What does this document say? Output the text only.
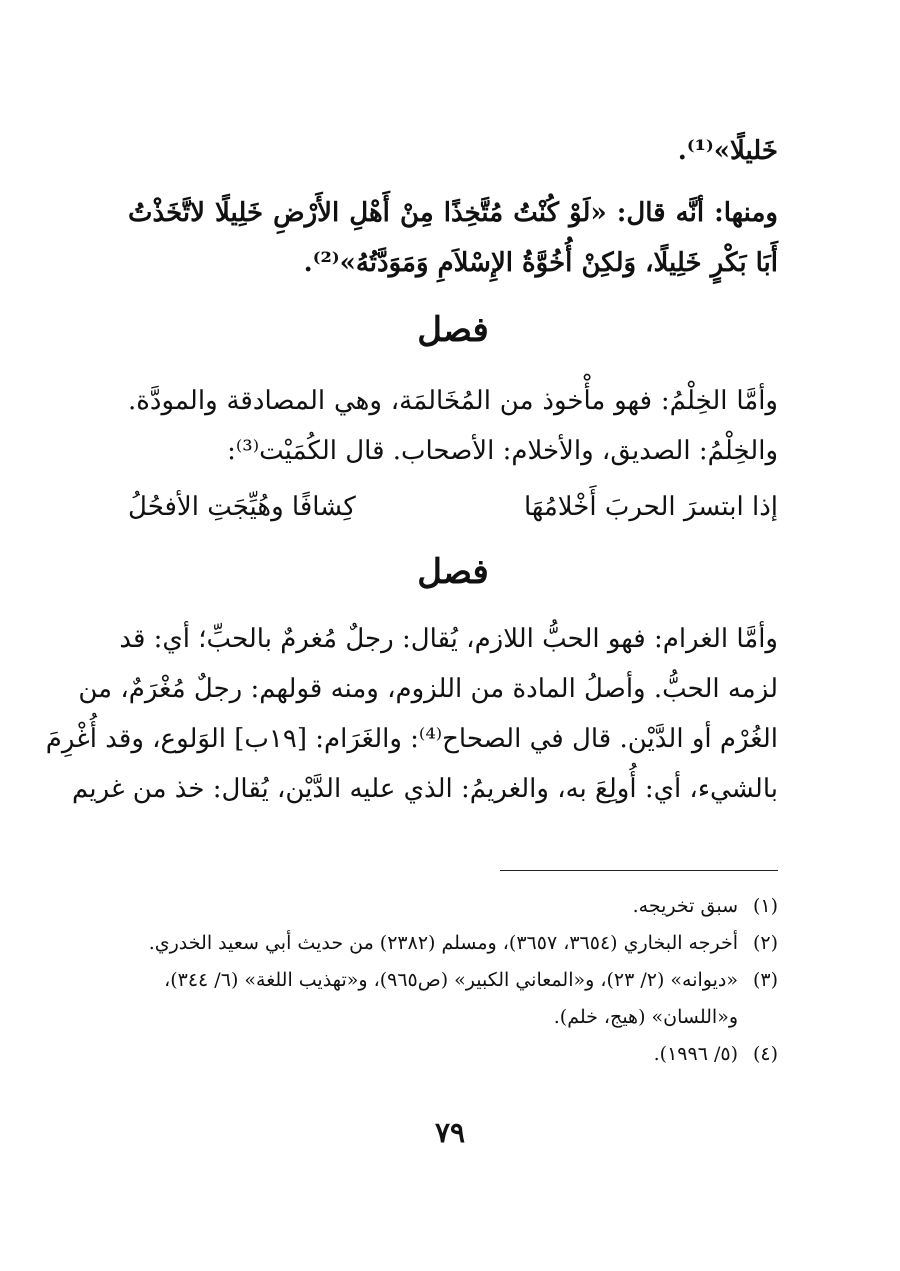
خَليلًا»⁽¹⁾.

ومنها: أنَّه قال: «لَوْ كُنْتُ مُتَّخِذًا مِنْ أَهْلِ الأَرْضِ خَلِيلًا لاتَّخَذْتُ

أَبَا بَكْرٍ خَلِيلًا، وَلكِنْ أُخُوَّةُ الإِسْلاَمِ وَمَوَدَّتُهُ»⁽²⁾.

فصل

وأمَّا الخِلْمُ: فهو مأْخوذ من المُخَالمَة، وهي المصادقة والمودَّة.

والخِلْمُ: الصديق، والأخلام: الأصحاب. قال الكُمَيْت⁽³⁾:

إذا ابتسرَ الحربَ أَخْلامُهَا
كِشافًا وهُيِّجَتِ الأفحُلُ

فصل

وأمَّا الغرام: فهو الحبُّ اللازم، يُقال: رجلٌ مُغرمٌ بالحبِّ؛ أي: قد

لزمه الحبُّ. وأصلُ المادة من اللزوم، ومنه قولهم: رجلٌ مُغْرَمٌ، من

الغُرْم أو الدَّيْن. قال في الصحاح⁽⁴⁾: والغَرَام: [١٩ب] الوَلوع، وقد أُغْرِمَ

بالشيء، أي: أُولِعَ به، والغريمُ: الذي عليه الدَّيْن، يُقال: خذ من غريم

(١)سبق تخريجه.

(٢)أخرجه البخاري (٣٦٥٤، ٣٦٥٧)، ومسلم (٢٣٨٢) من حديث أبي سعيد الخدري.

(٣)«ديوانه» (٢/ ٢٣)، و«المعاني الكبير» (ص٩٦٥)، و«تهذيب اللغة» (٦/ ٣٤٤)،

و«اللسان» (هيج، خلم).

(٤)(٥/ ١٩٩٦).

٧٩
